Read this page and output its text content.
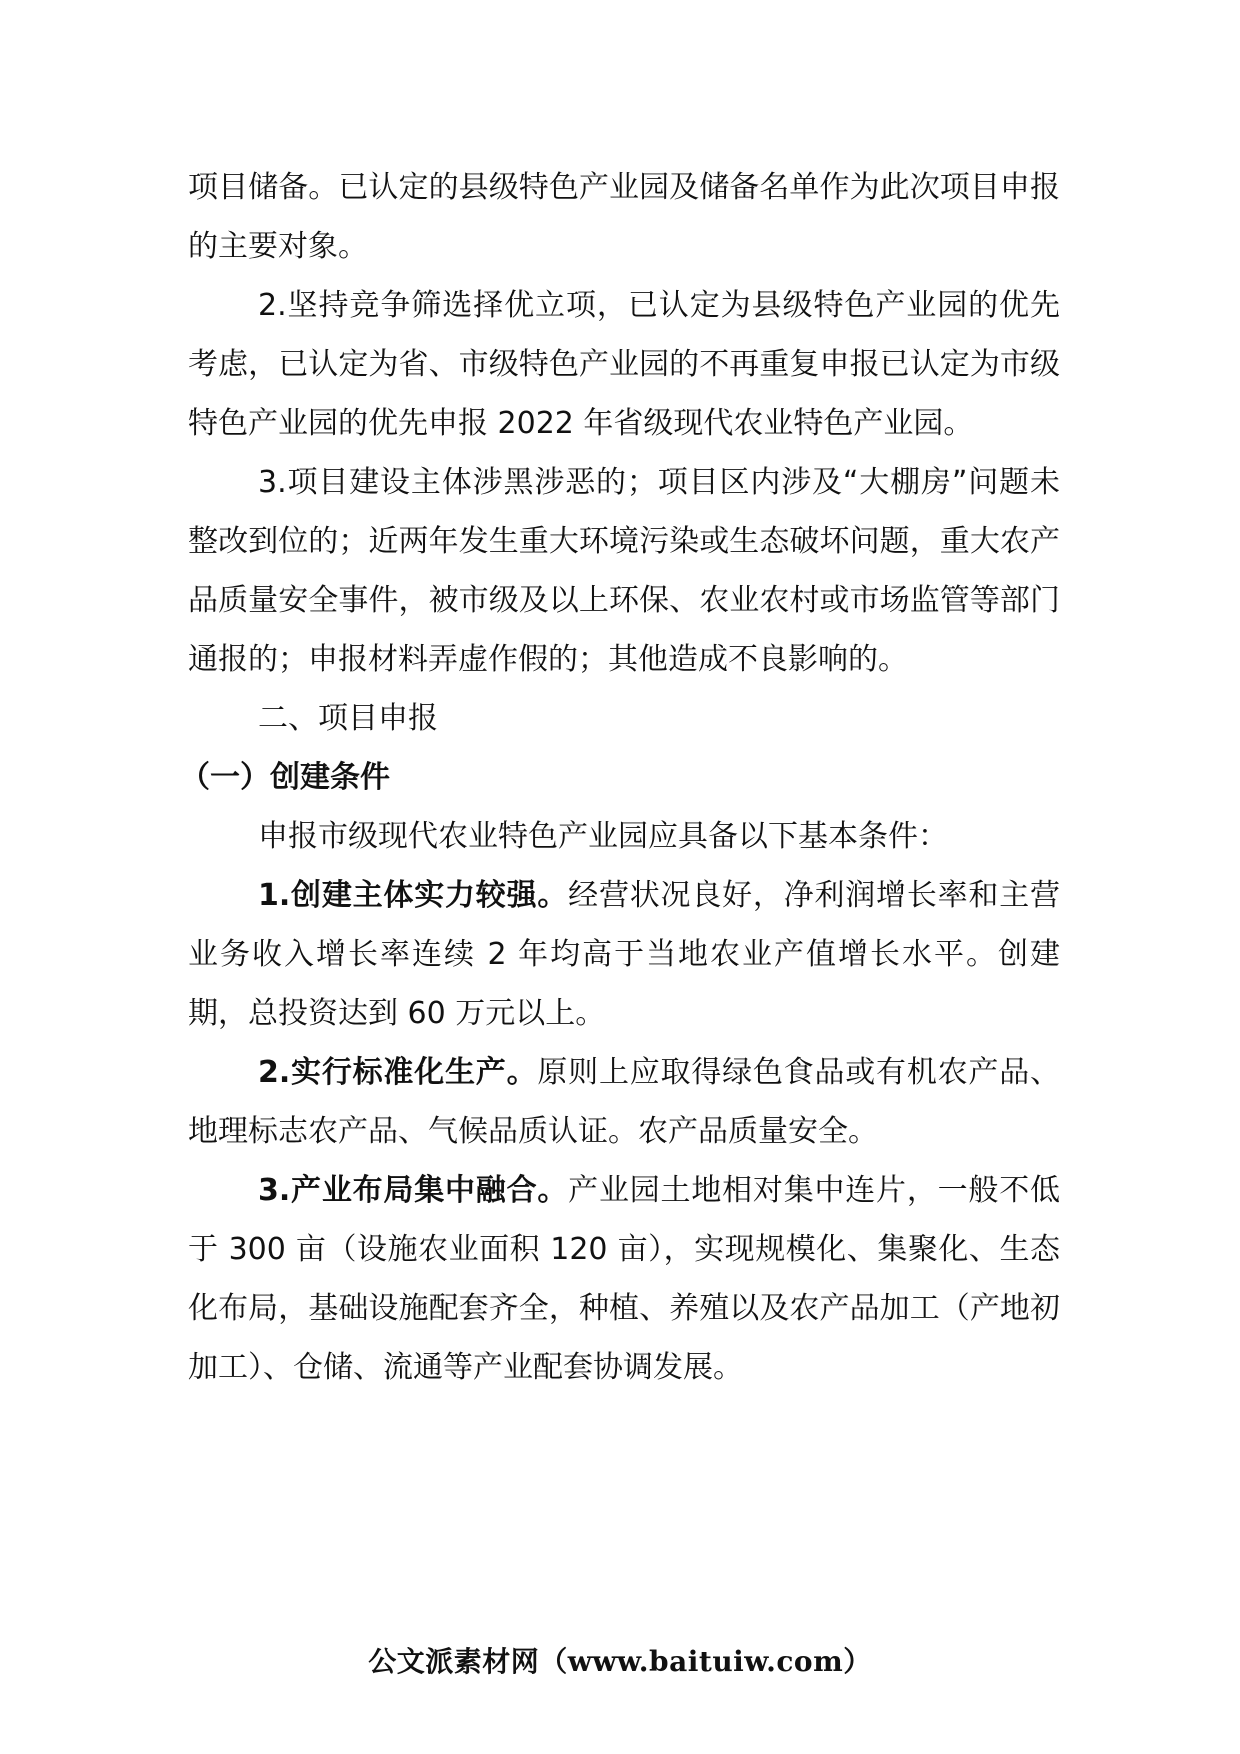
项目储备。已认定的县级特色产业园及储备名单作为此次项目申报的主要对象。

2.坚持竞争筛选择优立项，已认定为县级特色产业园的优先考虑，已认定为省、市级特色产业园的不再重复申报已认定为市级特色产业园的优先申报 2022 年省级现代农业特色产业园。

3.项目建设主体涉黑涉恶的；项目区内涉及“大棚房”问题未整改到位的；近两年发生重大环境污染或生态破坏问题，重大农产品质量安全事件，被市级及以上环保、农业农村或市场监管等部门通报的；申报材料弄虚作假的；其他造成不良影响的。

二、项目申报

（一）创建条件

申报市级现代农业特色产业园应具备以下基本条件：

1.创建主体实力较强。经营状况良好，净利润增长率和主营业务收入增长率连续 2 年均高于当地农业产值增长水平。创建期，总投资达到 60 万元以上。

2.实行标准化生产。原则上应取得绿色食品或有机农产品、地理标志农产品、气候品质认证。农产品质量安全。

3.产业布局集中融合。产业园土地相对集中连片，一般不低于 300 亩（设施农业面积 120 亩），实现规模化、集聚化、生态化布局，基础设施配套齐全，种植、养殖以及农产品加工（产地初加工）、仓储、流通等产业配套协调发展。

公文派素材网（www.baituiw.com）
